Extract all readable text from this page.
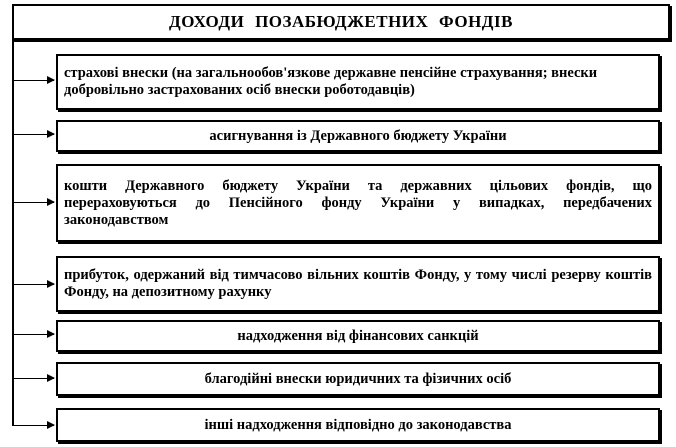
ДОХОДИ ПОЗАБЮДЖЕТНИХ ФОНДІВ
страхові внески (на загальнообов'язкове державне пенсійне страхування; внески добровільно застрахованих осіб внески роботодавців)
асигнування із Державного бюджету України
кошти Державного бюджету України та державних цільових фондів, що перераховуються до Пенсійного фонду України у випадках, передбачених законодавством
прибуток, одержаний від тимчасово вільних коштів Фонду, у тому числі резерву коштів Фонду, на депозитному рахунку
надходження від фінансових санкцій
благодійні внески юридичних та фізичних осіб
інші надходження відповідно до законодавства
